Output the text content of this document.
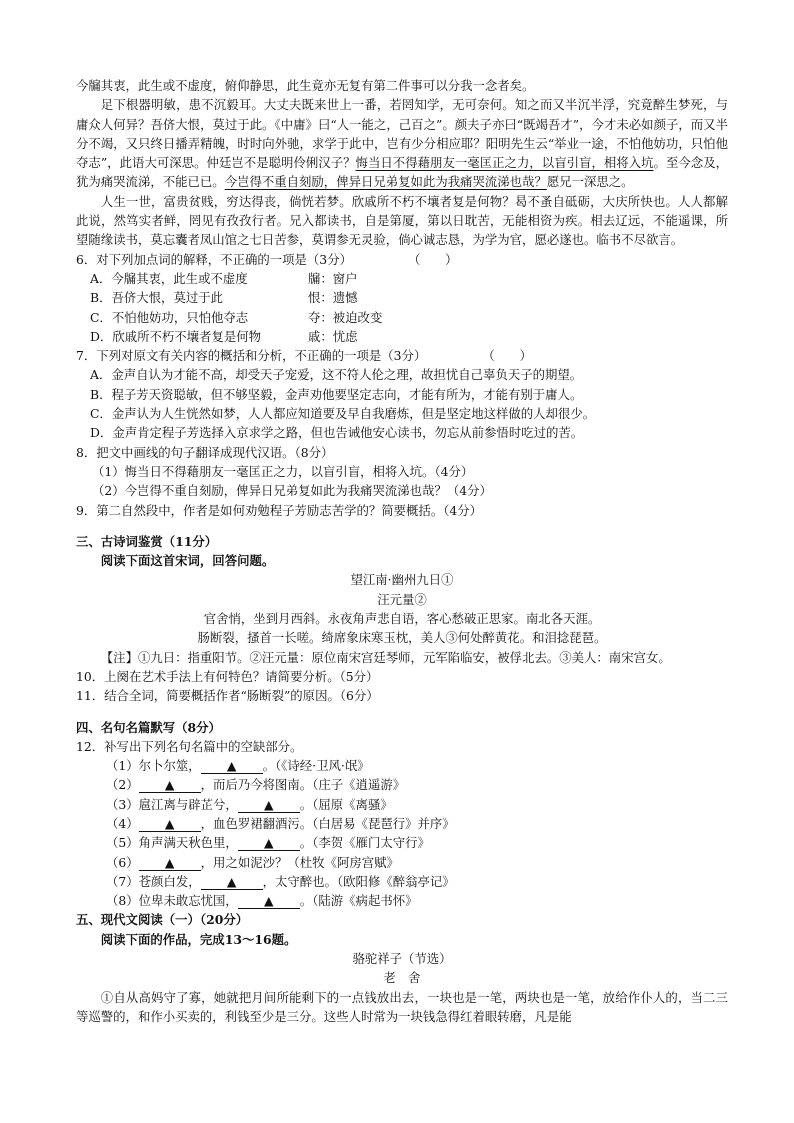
今牖其衷，此生或不虚度，俯仰静思，此生竟亦无复有第二件事可以分我一念者矣。

足下根器明敏，患不沉毅耳。大丈夫既来世上一番，若罔知学，无可奈何。知之而又半沉半浮，究竟醉生梦死，与庸众人何异？吾侪大恨，莫过于此。《中庸》曰“人一能之，己百之”。颜夫子亦曰“既竭吾才”，今才未必如颜子，而又半分不竭，又只终日播弄精魄，时时向外驰，求学于此中，岂有少分相应耶？阳明先生云“举业一途，不怕他妨功，只怕他夺志”，此语大可深思。仲廷岂不是聪明伶俐汉子？悔当日不得藉朋友一毫匡正之力，以盲引盲，相将入坑。至今念及，犹为痛哭流涕，不能已已。今岂得不重自刻励，俾异日兄弟复如此为我痛哭流涕也哉？愿兄一深思之。

人生一世，富贵贫贱，穷达得丧，倘恍若梦。欣戚所不朽不壤者复是何物？曷不蚤自砥砺，大庆所快也。人人都解此说，然笃实者鲜，罔见有孜孜行者。兄入都读书，自是第厦，第以日耽苦，无能相资为疾。相去辽远，不能遥课，所望随缘读书，莫忘囊者凤山馆之七日苦参，莫谓参无灵验，倘心诚志恳，为学为官，愿必遂也。临书不尽欲言。

6．对下列加点词的解释，不正确的一项是（3分）	（　　）

A．今牖其衷，此生或不虚度	牖：窗户

B．吾侪大恨，莫过于此	恨：遗憾

C．不怕他妨功，只怕他夺志	夺：被迫改变

D．欣戚所不朽不壤者复是何物	戚：忧虑

7．下列对原文有关内容的概括和分析，不正确的一项是（3分）	（　　）

A．金声自认为才能不高，却受天子宠爱，这不符人伦之理，故担忧自己辜负天子的期望。

B．程子芳天资聪敏，但不够坚毅，金声劝他要坚定志向，才能有所为，才能有别于庸人。

C．金声认为人生恍然如梦，人人都应知道要及早自我磨炼，但是坚定地这样做的人却很少。

D．金声肯定程子芳选择入京求学之路，但也告诫他安心读书，勿忘从前参悟时吃过的苦。

8．把文中画线的句子翻译成现代汉语。（8分）

（1）悔当日不得藉朋友一毫匡正之力，以盲引盲，相将入坑。（4分）

（2）今岂得不重自刻励，俾异日兄弟复如此为我痛哭流涕也哉？（4分）

9．第二自然段中，作者是如何劝勉程子芳励志苦学的？简要概括。（4分）

三、古诗词鉴赏（11分）

阅读下面这首宋词，回答问题。

望江南·幽州九日①

汪元量②

官舍悄，坐到月西斜。永夜角声悲自语，客心愁破正思家。南北各天涯。

肠断裂，搔首一长嗟。绮席象床寒玉枕，美人③何处醉黄花。和泪捻琵琶。

【注】①九日：指重阳节。②汪元量：原位南宋宫廷琴师，元军陷临安，被俘北去。③美人：南宋宫女。

10．上阕在艺术手法上有何特色？请简要分析。（5分）

11．结合全词，简要概括作者“肠断裂”的原因。（6分）

四、名句名篇默写（8分）

12．补写出下列名句名篇中的空缺部分。

（1）尔卜尔筮， ▲ 。（《诗经·卫风·氓》

（2） ▲ ，而后乃今将图南。（庄子《逍遥游》

（3）扈江离与辟芷兮， ▲ 。（屈原《离骚》

（4） ▲ ，血色罗裙翻酒污。（白居易《琵琶行》并序》

（5）角声满天秋色里， ▲ 。（李贺《雁门太守行》

（6） ▲ ，用之如泥沙？（杜牧《阿房宫赋》

（7）苍颜白发， ▲ ，太守醉也。（欧阳修《醉翁亭记》

（8）位卑未敢忘忧国， ▲ 。（陆游《病起书怀》

五、现代文阅读（一）（20分）

阅读下面的作品，完成13～16题。

骆驼祥子（节选）

老　舍

①自从高妈守了寡，她就把月间所能剩下的一点钱放出去，一块也是一笔，两块也是一笔，放给作仆人的，当二三等巡警的，和作小买卖的，利钱至少是三分。这些人时常为一块钱急得红着眼转磨，凡是能
